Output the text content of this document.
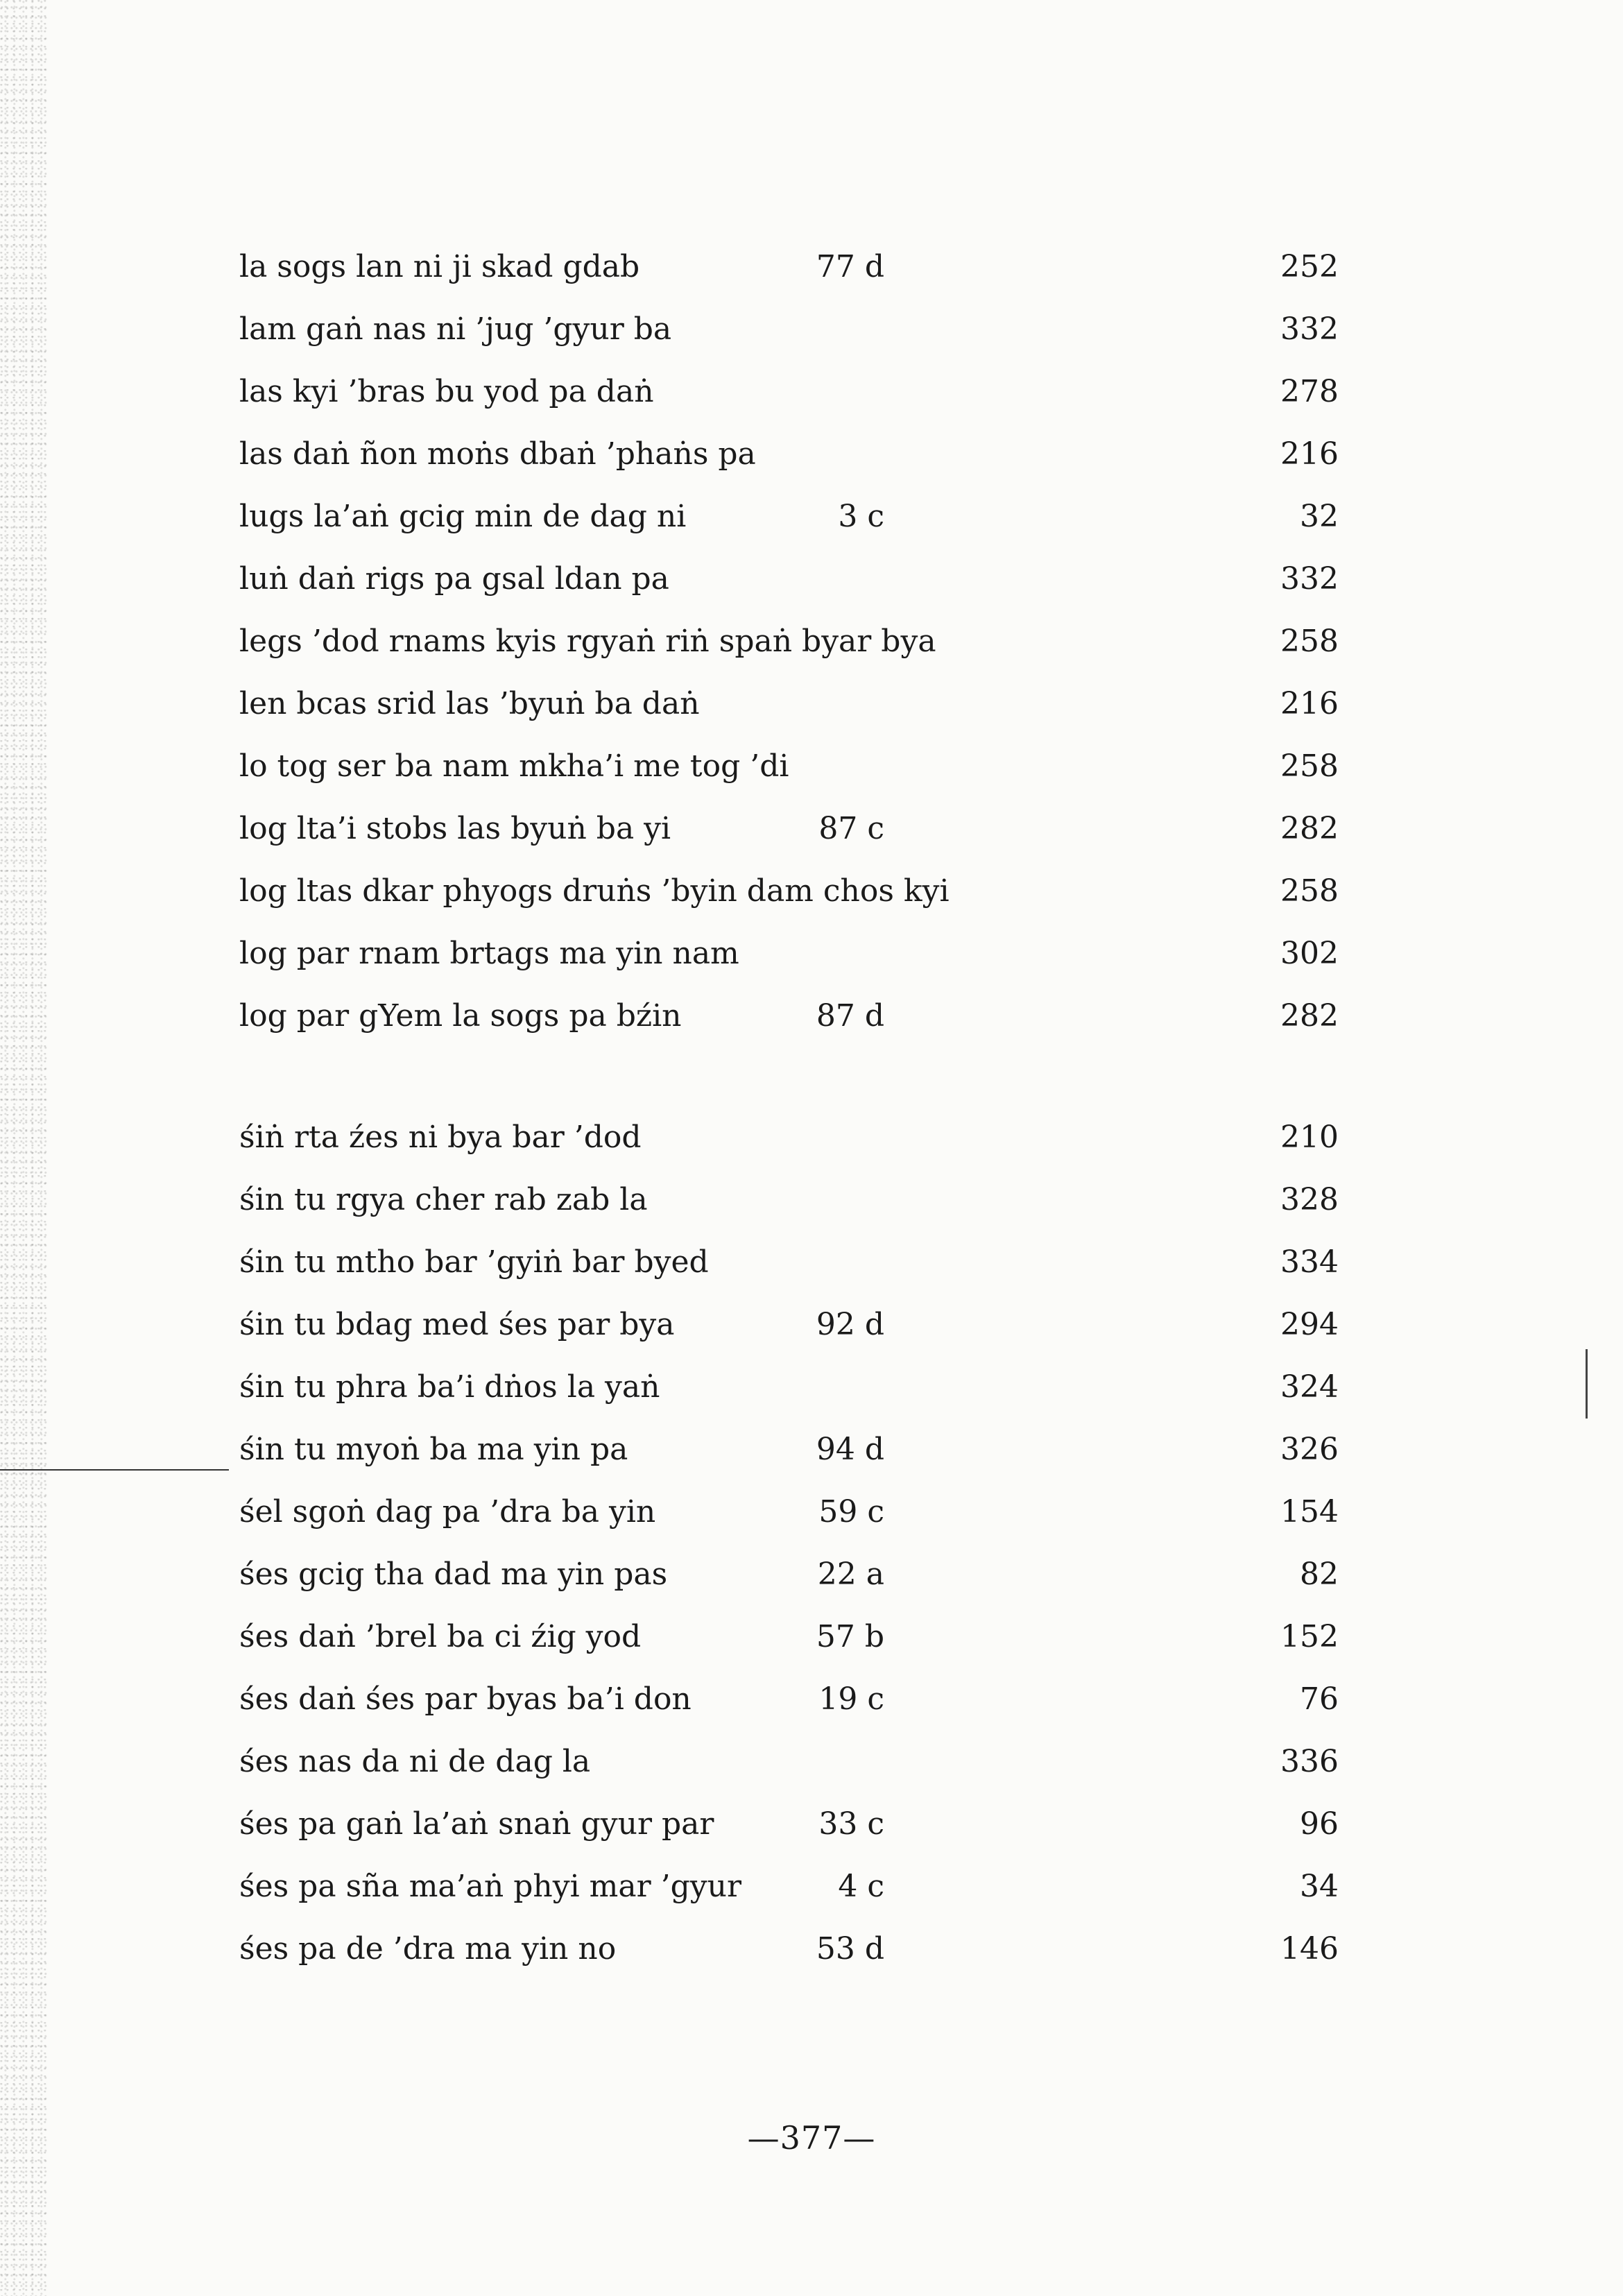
la sogs lan ni ji skad gdab	77 d	252
lam gaṅ nas ni ’jug ’gyur ba	332
las kyi ’bras bu yod pa daṅ	278
las daṅ ñon moṅs dbaṅ ’phaṅs pa	216
lugs la’aṅ gcig min de dag ni	3 c	32
luṅ daṅ rigs pa gsal ldan pa	332
legs ’dod rnams kyis rgyaṅ riṅ spaṅ byar bya	258
len bcas srid las ’byuṅ ba daṅ	216
lo tog ser ba nam mkha’i me tog ’di	258
log lta’i stobs las byuṅ ba yi	87 c	282
log ltas dkar phyogs druṅs ’byin dam chos kyi	258
log par rnam brtags ma yin nam	302
log par gYem la sogs pa bźin	87 d	282
śiṅ rta źes ni bya bar ’dod	210
śin tu rgya cher rab zab la	328
śin tu mtho bar ’gyiṅ bar byed	334
śin tu bdag med śes par bya	92 d	294
śin tu phra ba’i dṅos la yaṅ	324
śin tu myoṅ ba ma yin pa	94 d	326
śel sgoṅ dag pa ’dra ba yin	59 c	154
śes gcig tha dad ma yin pas	22 a	82
śes daṅ ’brel ba ci źig yod	57 b	152
śes daṅ śes par byas ba’i don	19 c	76
śes nas da ni de dag la	336
śes pa gaṅ la’aṅ snaṅ gyur par	33 c	96
śes pa sña ma’aṅ phyi mar ’gyur	4 c	34
śes pa de ’dra ma yin no	53 d	146
—377—
